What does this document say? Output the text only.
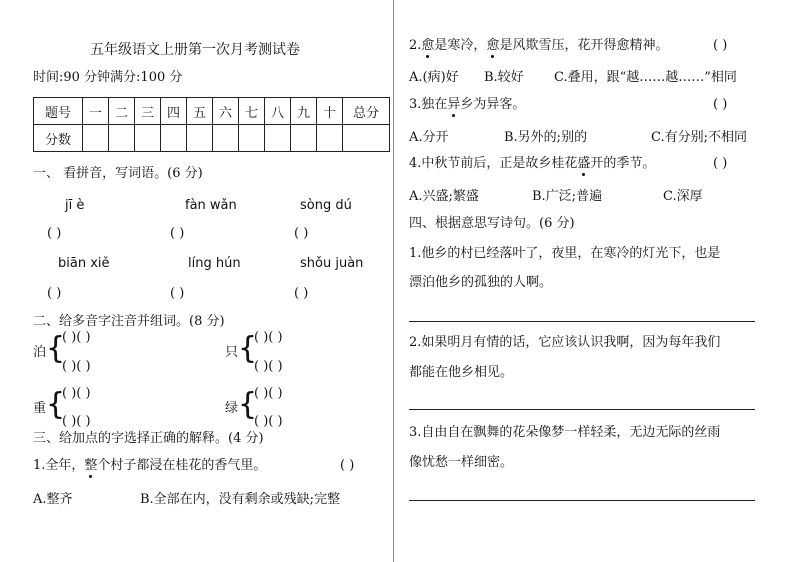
五年级语文上册第一次月考测试卷
时间:90 分钟满分:100 分
题号	一	二	三	四	五	六	七	八	九	十	总分
分数											
一、 看拼音，写词语。(6 分)
jī è	fàn wǎn	sòng dú
( )	( )	( )
biān xiě	líng hún	shǒu juàn
( )	( )	( )
二、给多音字注音并组词。(8 分)
泊 {
( )( )
( )( )
只 {
( )( )
( )( )
重 {
( )( )
( )( )
绿 {
( )( )
( )( )
三、给加点的字选择正确的解释。(4 分)
1.全年，整个村子都浸在桂花的香气里。	( )
A.整齐	B.全部在内，没有剩余或残缺;完整
2.愈是寒冷，愈是风欺雪压，花开得愈精神。	( )
A.(病)好 B.较好 C.叠用，跟“越……越……”相同
3.独在异乡为异客。	( )
A.分开	B.另外的;别的	C.有分别;不相同
4.中秋节前后，正是故乡桂花盛开的季节。	( )
A.兴盛;繁盛	B.广泛;普遍	C.深厚
四、根据意思写诗句。(6 分)
1.他乡的村已经落叶了，夜里，在寒冷的灯光下，也是
漂泊他乡的孤独的人啊。
2.如果明月有情的话，它应该认识我啊，因为每年我们
都能在他乡相见。
3.自由自在飘舞的花朵像梦一样轻柔，无边无际的丝雨
像忧愁一样细密。
